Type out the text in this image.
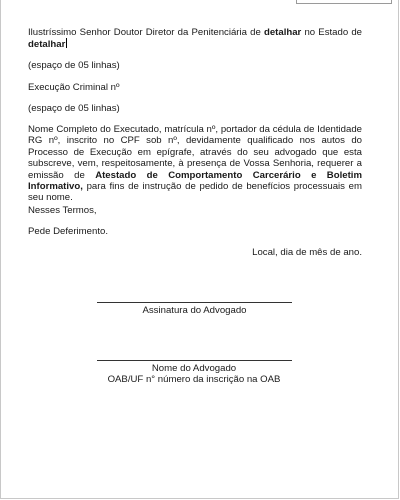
Ilustríssimo Senhor Doutor Diretor da Penitenciária de detalhar no Estado de

detalhar

(espaço de 05 linhas)

Execução Criminal nº

(espaço de 05 linhas)

Nome Completo do Executado, matrícula nº, portador da cédula de Identidade RG nº, inscrito no CPF sob nº, devidamente qualificado nos autos do Processo de Execução em epígrafe, através do seu advogado que esta subscreve, vem, respeitosamente, à presença de Vossa Senhoria, requerer a emissão de Atestado de Comportamento Carcerário e Boletim Informativo, para fins de instrução de pedido de benefícios processuais em seu nome.

Nesses Termos,

Pede Deferimento.

Local, dia de mês de ano.

Assinatura do Advogado

Nome do Advogado

OAB/UF n° número da inscrição na OAB
